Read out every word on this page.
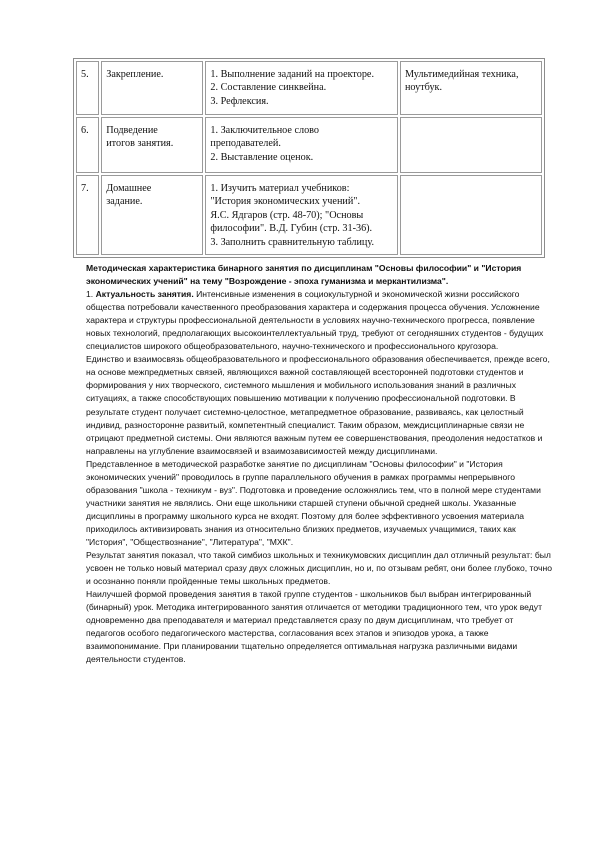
5.	Закрепление.	1. Выполнение заданий на проекторе.
2. Составление синквейна.
3. Рефлексия.	Мультимедийная техника,
ноутбук.

6.	Подведение
итогов занятия.	1. Заключительное слово
преподавателей.
2. Выставление оценок.	

7.	Домашнее
задание.	1. Изучить материал учебников:
"История экономических учений".
Я.С. Ядгаров (стр. 48-70); "Основы
философии". В.Д. Губин (стр. 31-36).
3. Заполнить сравнительную таблицу.	

Методическая характеристика бинарного занятия по дисциплинам "Основы философии" и "История экономических учений" на тему "Возрождение - эпоха гуманизма и меркантилизма".

1. Актуальность занятия. Интенсивные изменения в социокультурной и экономической жизни российского общества потребовали качественного преобразования характера и содержания процесса обучения. Усложнение характера и структуры профессиональной деятельности в условиях научно-технического прогресса, появление новых технологий, предполагающих высокоинтеллектуальный труд, требуют от сегодняшних студентов - будущих специалистов широкого общеобразовательного, научно-технического и профессионального кругозора.

Единство и взаимосвязь общеобразовательного и профессионального образования обеспечивается, прежде всего, на основе межпредметных связей, являющихся важной составляющей всесторонней подготовки студентов и формирования у них творческого, системного мышления и мобильного использования знаний в различных ситуациях, а также способствующих повышению мотивации к получению профессиональной подготовки. В результате студент получает системно-целостное, метапредметное образование, развиваясь, как целостный индивид, разносторонне развитый, компетентный специалист. Таким образом, междисциплинарные связи не отрицают предметной системы. Они являются важным путем ее совершенствования, преодоления недостатков и направлены на углубление взаимосвязей и взаимозависимостей между дисциплинами.

Представленное в методической разработке занятие по дисциплинам "Основы философии" и "История экономических учений" проводилось в группе параллельного обучения в рамках программы непрерывного образования "школа - техникум - вуз". Подготовка и проведение осложнялись тем, что в полной мере студентами участники занятия не являлись. Они еще школьники старшей ступени обычной средней школы. Указанные дисциплины в программу школьного курса не входят. Поэтому для более эффективного усвоения материала приходилось активизировать знания из относительно близких предметов, изучаемых учащимися, таких как "История", "Обществознание", "Литература", "МХК".

Результат занятия показал, что такой симбиоз школьных и техникумовских дисциплин дал отличный результат: был усвоен не только новый материал сразу двух сложных дисциплин, но и, по отзывам ребят, они более глубоко, точно и осознанно поняли пройденные темы школьных предметов.

Наилучшей формой проведения занятия в такой группе студентов - школьников был выбран интегрированный (бинарный) урок. Методика интегрированного занятия отличается от методики традиционного тем, что урок ведут одновременно два преподавателя и материал представляется сразу по двум дисциплинам, что требует от педагогов особого педагогического мастерства, согласования всех этапов и эпизодов урока, а также взаимопонимание. При планировании тщательно определяется оптимальная нагрузка различными видами деятельности студентов.
